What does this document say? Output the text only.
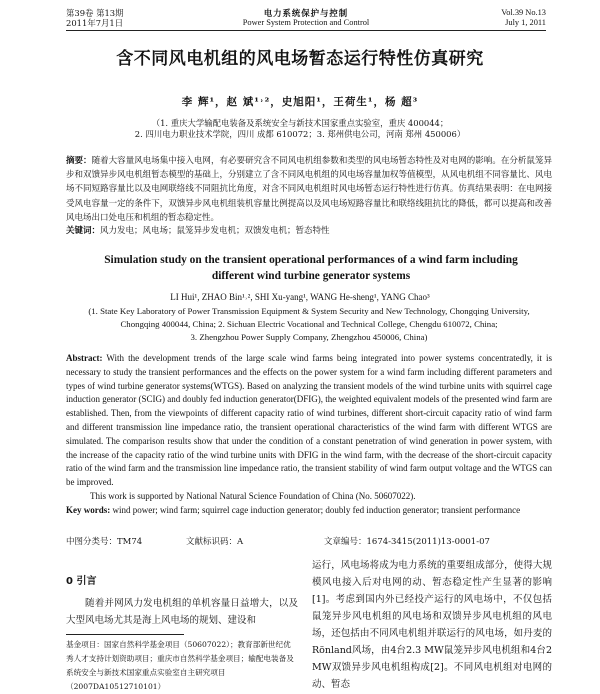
第39卷 第13期
2011年7月1日
电力系统保护与控制
Power System Protection and Control
Vol.39 No.13
July 1, 2011
含不同风电机组的风电场暂态运行特性仿真研究
李 辉¹，赵 斌¹˒²，史旭阳¹，王荷生¹，杨 超³
（1. 重庆大学输配电装备及系统安全与新技术国家重点实验室，重庆 400044；
2. 四川电力职业技术学院，四川 成都 610072；3. 郑州供电公司，河南 郑州 450006）
摘要：随着大容量风电场集中接入电网，有必要研究含不同风电机组参数和类型的风电场暂态特性及对电网的影响。在分析鼠笼异步和双馈异步风电机组暂态模型的基础上，分别建立了含不同风电机组的风电场容量加权等值模型，从风电机组不同容量比、风电场不同短路容量比以及电网联络线不同阻抗比角度，对含不同风电机组时风电场暂态运行特性进行仿真。仿真结果表明：在电网接受风电容量一定的条件下，双馈异步风电机组装机容量比例提高以及风电场短路容量比和联络线阻抗比的降低，都可以提高和改善风电场出口处电压和机组的暂态稳定性。
关键词：风力发电；风电场；鼠笼异步发电机；双馈发电机；暂态特性
Simulation study on the transient operational performances of a wind farm including different wind turbine generator systems
LI Hui¹, ZHAO Bin¹˒², SHI Xu-yang¹, WANG He-sheng¹, YANG Chao³
(1. State Key Laboratory of Power Transmission Equipment & System Security and New Technology, Chongqing University,
Chongqing 400044, China; 2. Sichuan Electric Vocational and Technical College, Chengdu 610072, China;
3. Zhengzhou Power Supply Company, Zhengzhou 450006, China)
Abstract: With the development trends of the large scale wind farms being integrated into power systems concentratedly, it is necessary to study the transient performances and the effects on the power system for a wind farm including different parameters and types of wind turbine generator systems(WTGS). Based on analyzing the transient models of the wind turbine units with squirrel cage induction generator (SCIG) and doubly fed induction generator(DFIG), the weighted equivalent models of the presented wind farm are established. Then, from the viewpoints of different capacity ratio of wind turbines, different short-circuit capacity ratio of wind farm and different transmission line impedance ratio, the transient operational characteristics of the wind farm with different WTGS are simulated. The comparison results show that under the condition of a constant penetration of wind generation in power system, with the increase of the capacity ratio of the wind turbine units with DFIG in the wind farm, with the decrease of the short-circuit capacity ratio of the wind farm and the transmission line impedance ratio, the transient stability of wind farm output voltage and the WTGS can be improved.
This work is supported by National Natural Science Foundation of China (No. 50607022).
Key words: wind power; wind farm; squirrel cage induction generator; doubly fed induction generator; transient performance
中图分类号：TM74	文献标识码：A	文章编号：1674-3415(2011)13-0001-07
0 引言
随着并网风力发电机组的单机容量日益增大，以及大型风电场尤其是海上风电场的规划、建设和
运行，风电场将成为电力系统的重要组成部分，使得大规模风电接入后对电网的动、暂态稳定性产生显著的影响[1]。考虑到国内外已经投产运行的风电场中，不仅包括鼠笼异步风电机组的风电场和双馈异步风电机组的风电场，还包括由不同风电机组并联运行的风电场，如丹麦的Rönland风场，由4台2.3 MW鼠笼异步风电机组和4台2 MW双馈异步风电机组构成[2]。不同风电机组对电网的动、暂态
基金项目：国家自然科学基金项目（50607022）；教育部新世纪优秀人才支持计划资助项目；重庆市自然科学基金项目；输配电装备及系统安全与新技术国家重点实验室自主研究项目（2007DA10512710101）
